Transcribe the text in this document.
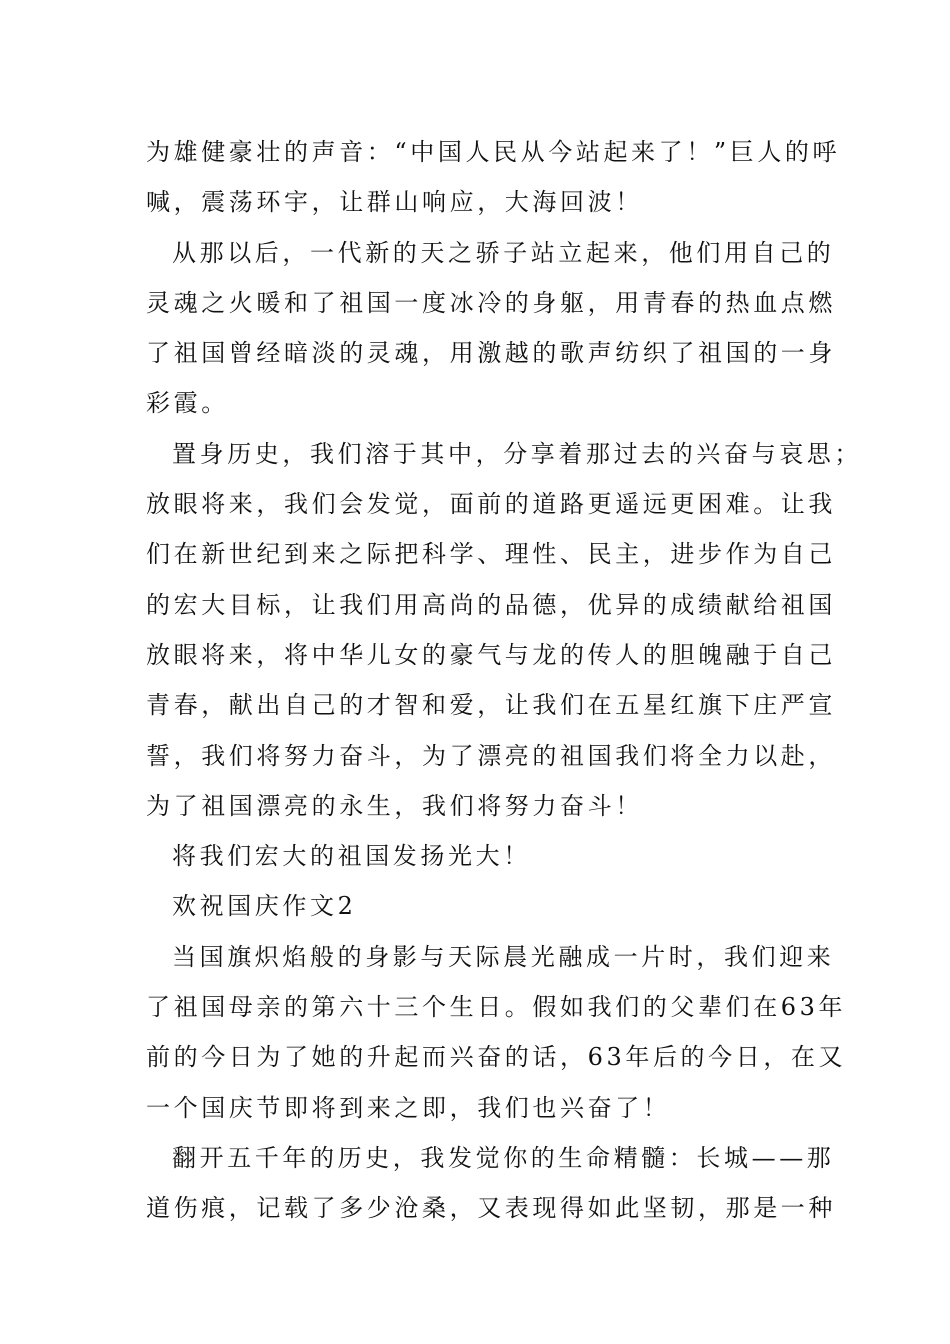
为雄健豪壮的声音：“中国人民从今站起来了！”巨人的呼
喊，震荡环宇，让群山响应，大海回波！
从那以后，一代新的天之骄子站立起来，他们用自己的
灵魂之火暖和了祖国一度冰冷的身躯，用青春的热血点燃
了祖国曾经暗淡的灵魂，用激越的歌声纺织了祖国的一身
彩霞。
置身历史，我们溶于其中，分享着那过去的兴奋与哀思；
放眼将来，我们会发觉，面前的道路更遥远更困难。让我
们在新世纪到来之际把科学、理性、民主，进步作为自己
的宏大目标，让我们用高尚的品德，优异的成绩献给祖国
放眼将来，将中华儿女的豪气与龙的传人的胆魄融于自己
青春，献出自己的才智和爱，让我们在五星红旗下庄严宣
誓，我们将努力奋斗，为了漂亮的祖国我们将全力以赴，
为了祖国漂亮的永生，我们将努力奋斗！
将我们宏大的祖国发扬光大！
欢祝国庆作文2
当国旗炽焰般的身影与天际晨光融成一片时，我们迎来
了祖国母亲的第六十三个生日。假如我们的父辈们在63年
前的今日为了她的升起而兴奋的话，63年后的今日，在又
一个国庆节即将到来之即，我们也兴奋了！
翻开五千年的历史，我发觉你的生命精髓：长城——那
道伤痕，记载了多少沧桑，又表现得如此坚韧，那是一种
